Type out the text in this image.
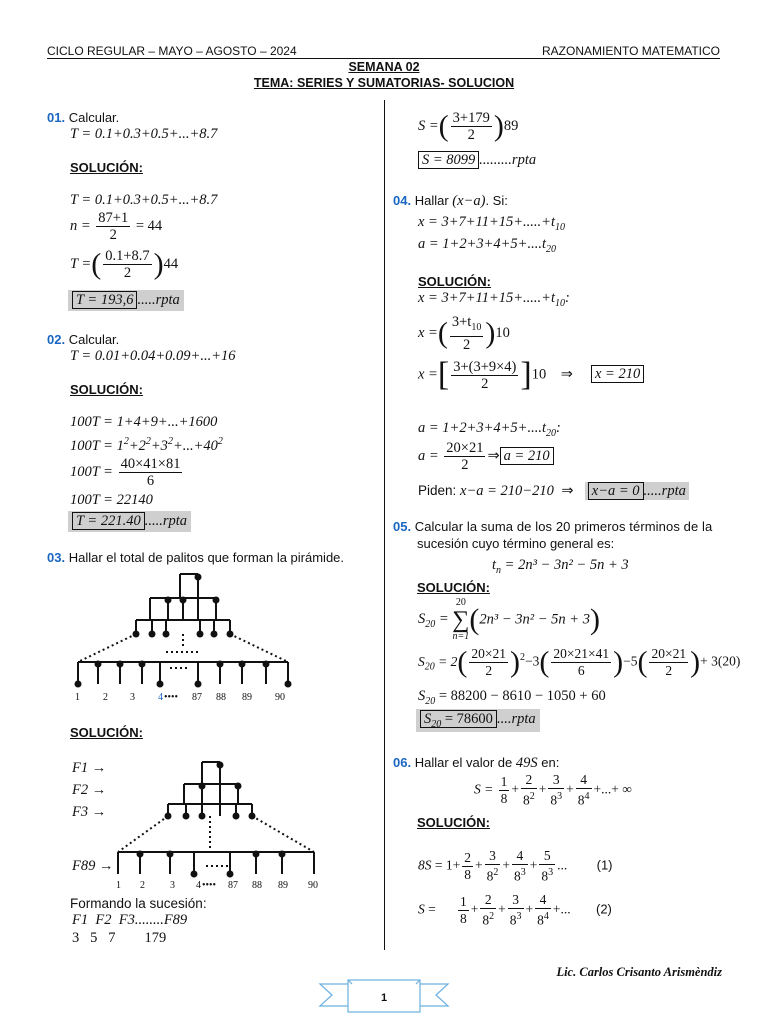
CICLO REGULAR – MAYO – AGOSTO – 2024	RAZONAMIENTO MATEMATICO
SEMANA 02
TEMA: SERIES Y SUMATORIAS- SOLUCION
01. Calcular.
T = 0.1+0.3+0.5+...+8.7
SOLUCIÓN:
T = 0.1+0.3+0.5+...+8.7
$n = \frac{87+1}{2} = 44$
T =( $\frac{0.1+8.7}{2} )44$
T = 193,6 .....rpta
02. Calcular.
T = 0.01+0.04+0.09+...+16
SOLUCIÓN:
100T = 1+4+9+...+1600
$100T = 1^2+2^2+3^2+...+40^2$
$100T = \frac{40\times 41\times 81}{6}$
100T = 22140
T = 221.40 .....rpta
03. Hallar el total de palitos que forman la pirámide.
1 2 3 4 •••• 87 88 89 90
SOLUCIÓN:
F1 →
F2 →
F3 →
F89 →
1 2	3 4 •••• 87 88 89 90
Formando la sucesión:
F1 F2 F3........F89
3 5 7 179
S =( $\frac{3+179}{2} )89$
S = 8099 .........rpta
04. Hallar (x−a). Si:
$x = 3+7+11+15+.....+t_{10}$
$a = 1+2+3+4+5+....t_{20}$
SOLUCIÓN:
$x = 3+7+11+15+.....+t_{10}$:
x =( $\frac{3+t_{10}}{2} )10$
x =[ $\frac{3+(3+9\times 4)}{2} ]10$ ⇒ x = 210
$a = 1+2+3+4+5+....t_{20}$:
$a = \frac{20\times 21}{2}$ ⇒ a = 210
Piden: x−a = 210−210 ⇒ x−a = 0 .....rpta
05. Calcular la suma de los 20 primeros términos de la
sucesión cuyo término general es:
$t_n = 2n^3 - 3n^2 - 5n + 3$
SOLUCIÓN:
$S_{20}$ =
20
∑
n=1
(2n³ − 3n² − 5n + 3)
$S_{20} = 2( \frac{20\times 21}{2} )^2-3( \frac{20\times 21\times 41}{6} )-5( \frac{20\times 21}{2}$ )+ 3(20)
$S_{20} = 88200 - 8610 - 1050 + 60$
$S_{20} = 78600$ ....rpta
06. Hallar el valor de 49S en:
$S = \frac{1}{8} + \frac{2}{8^2} + \frac{3}{8^3} + \frac{4}{8^4}$ +...+ ∞
SOLUCIÓN:
$8S = 1+ \frac{2}{8} + \frac{3}{8^2} + \frac{4}{8^3} + \frac{5}{8^3}$ ... (1)
$S = \frac{1}{8} + \frac{2}{8^2} + \frac{3}{8^3} + \frac{4}{8^4}$ +... (2)
Lic. Carlos Crisanto Arismèndiz
1
